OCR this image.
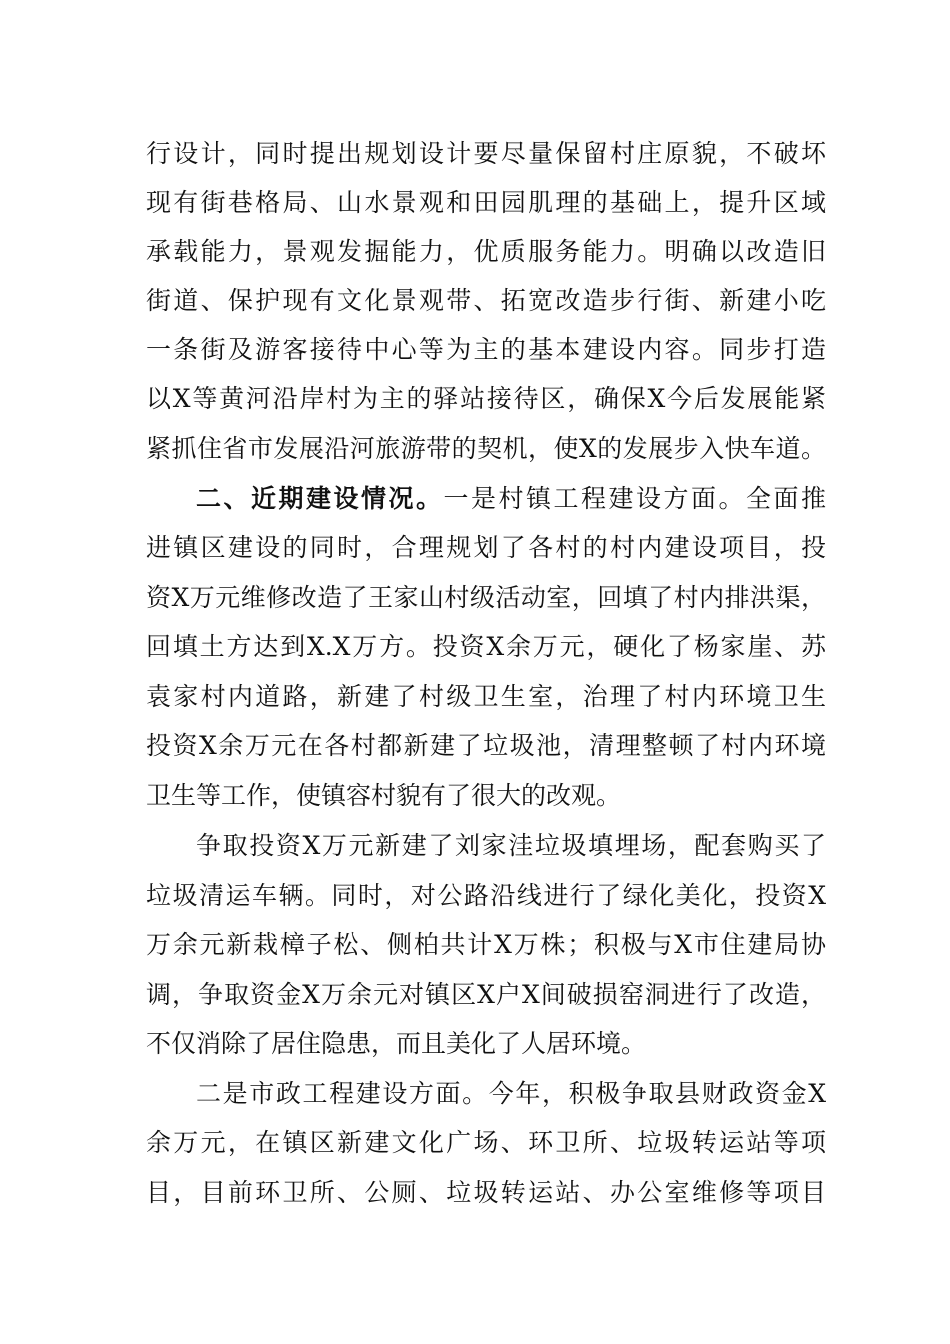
行设计，同时提出规划设计要尽量保留村庄原貌，不破坏
现有街巷格局、山水景观和田园肌理的基础上，提升区域
承载能力，景观发掘能力，优质服务能力。明确以改造旧
街道、保护现有文化景观带、拓宽改造步行街、新建小吃
一条街及游客接待中心等为主的基本建设内容。同步打造
以X等黄河沿岸村为主的驿站接待区，确保X今后发展能紧
紧抓住省市发展沿河旅游带的契机，使X的发展步入快车道。
二、近期建设情况。一是村镇工程建设方面。全面推
进镇区建设的同时，合理规划了各村的村内建设项目，投
资X万元维修改造了王家山村级活动室，回填了村内排洪渠，
回填土方达到X.X万方。投资X余万元，硬化了杨家崖、苏
袁家村内道路，新建了村级卫生室，治理了村内环境卫生
投资X余万元在各村都新建了垃圾池，清理整顿了村内环境
卫生等工作，使镇容村貌有了很大的改观。
争取投资X万元新建了刘家洼垃圾填埋场，配套购买了
垃圾清运车辆。同时，对公路沿线进行了绿化美化，投资X
万余元新栽樟子松、侧柏共计X万株；积极与X市住建局协
调，争取资金X万余元对镇区X户X间破损窑洞进行了改造，
不仅消除了居住隐患，而且美化了人居环境。
二是市政工程建设方面。今年，积极争取县财政资金X
余万元，在镇区新建文化广场、环卫所、垃圾转运站等项
目，目前环卫所、公厕、垃圾转运站、办公室维修等项目
